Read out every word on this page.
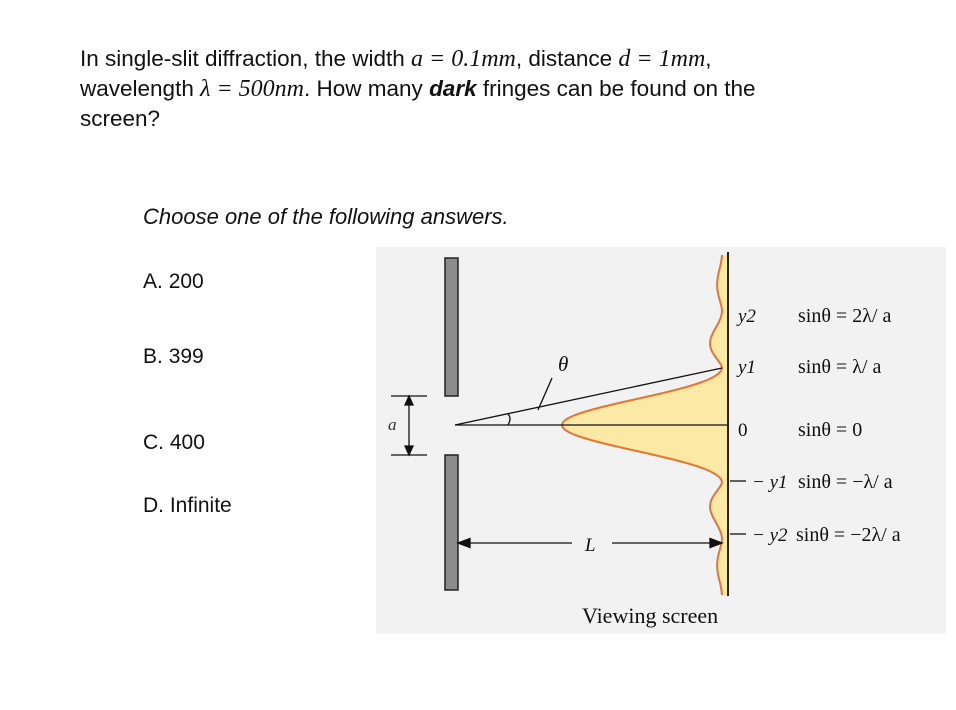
In single-slit diffraction, the width a = 0.1mm, distance d = 1mm,
wavelength λ = 500nm. How many dark fringes can be found on the
screen?
Choose one of the following answers.
A. 200
B. 399
C. 400
D. Infinite
θ
a
L
Viewing screen
y2
y1
0
− y1
− y2
sinθ = 2λ/ a
sinθ = λ/ a
sinθ = 0
sinθ = −λ/ a
sinθ = −2λ/ a
